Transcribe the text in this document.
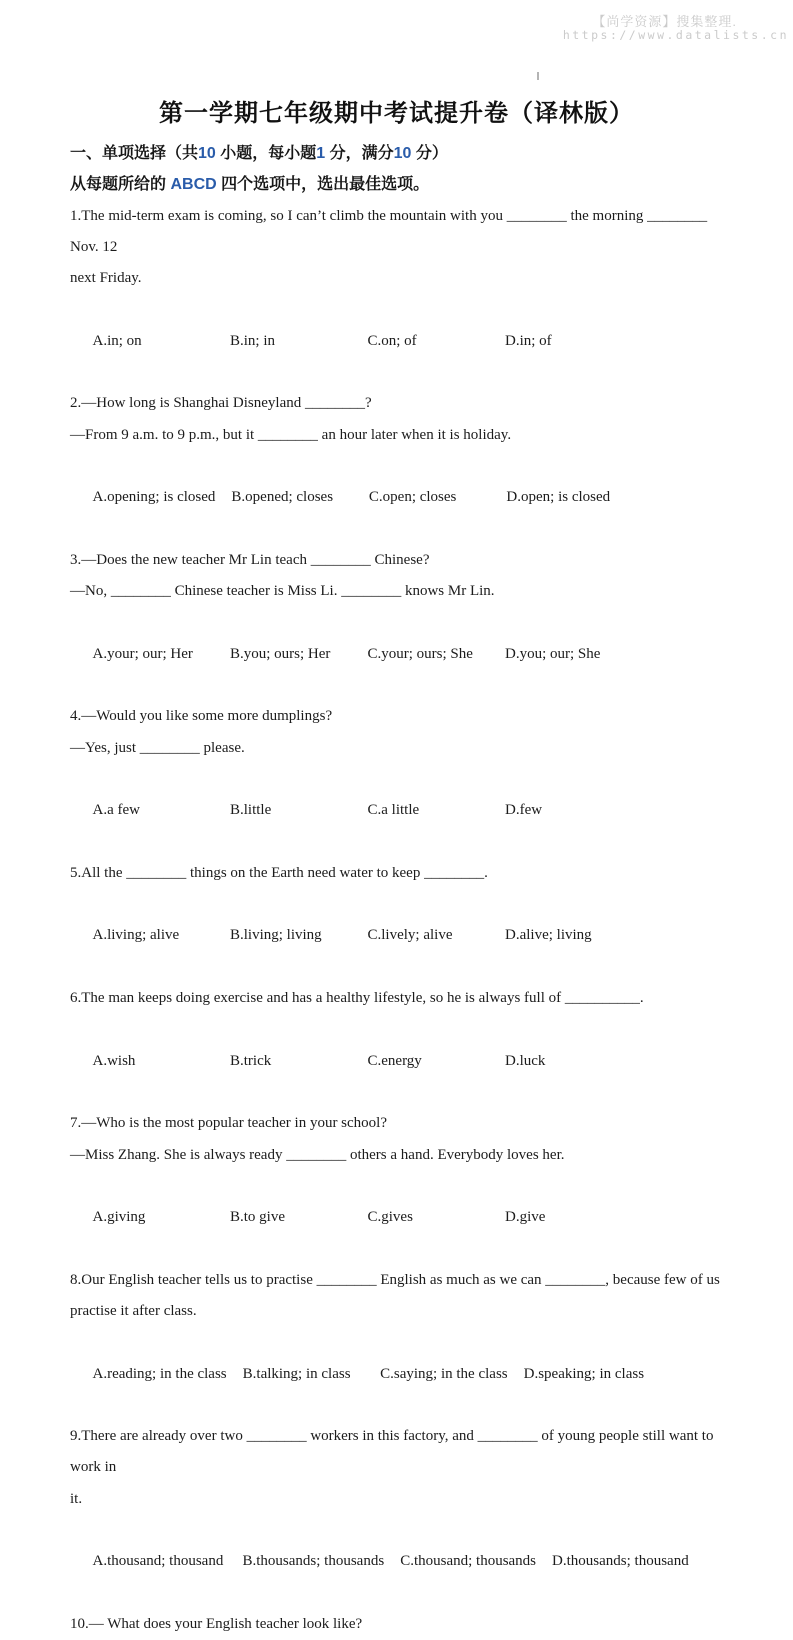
【尚学资源】搜集整理.
https://www.datalists.cn
第一学期七年级期中考试提升卷（译林版）
一、单项选择（共10 小题，每小题1 分，满分10 分）
从每题所给的 ABCD 四个选项中，选出最佳选项。
1.The mid-term exam is coming, so I can’t climb the mountain with you ________ the morning ________ Nov. 12
next Friday.

A.in; on	B.in; in	C.on; of	D.in; of

2.—How long is Shanghai Disneyland ________?
—From 9 a.m. to 9 p.m., but it ________ an hour later when it is holiday.

A.opening; is closed B.opened; closes C.open; closes	D.open; is closed

3.—Does the new teacher Mr Lin teach ________ Chinese?
—No, ________ Chinese teacher is Miss Li. ________ knows Mr Lin.

A.your; our; Her B.you; ours; Her C.your; ours; She D.you; our; She

4.—Would you like some more dumplings?
—Yes, just ________ please.

A.a few	B.little	C.a little	D.few

5.All the ________ things on the Earth need water to keep ________.

A.living; alive	B.living; living	C.lively; alive	D.alive; living

6.The man keeps doing exercise and has a healthy lifestyle, so he is always full of __________.

A.wish	B.trick	C.energy	D.luck

7.—Who is the most popular teacher in your school?
—Miss Zhang. She is always ready ________ others a hand. Everybody loves her.

A.giving	B.to give	C.gives	D.give

8.Our English teacher tells us to practise ________ English as much as we can ________, because few of us
practise it after class.

A.reading; in the class B.talking; in class C.saying; in the class D.speaking; in class

9.There are already over two ________ workers in this factory, and ________ of young people still want to work in
it.

A.thousand; thousand B.thousands; thousands C.thousand; thousands D.thousands; thousand

10.— What does your English teacher look like?
